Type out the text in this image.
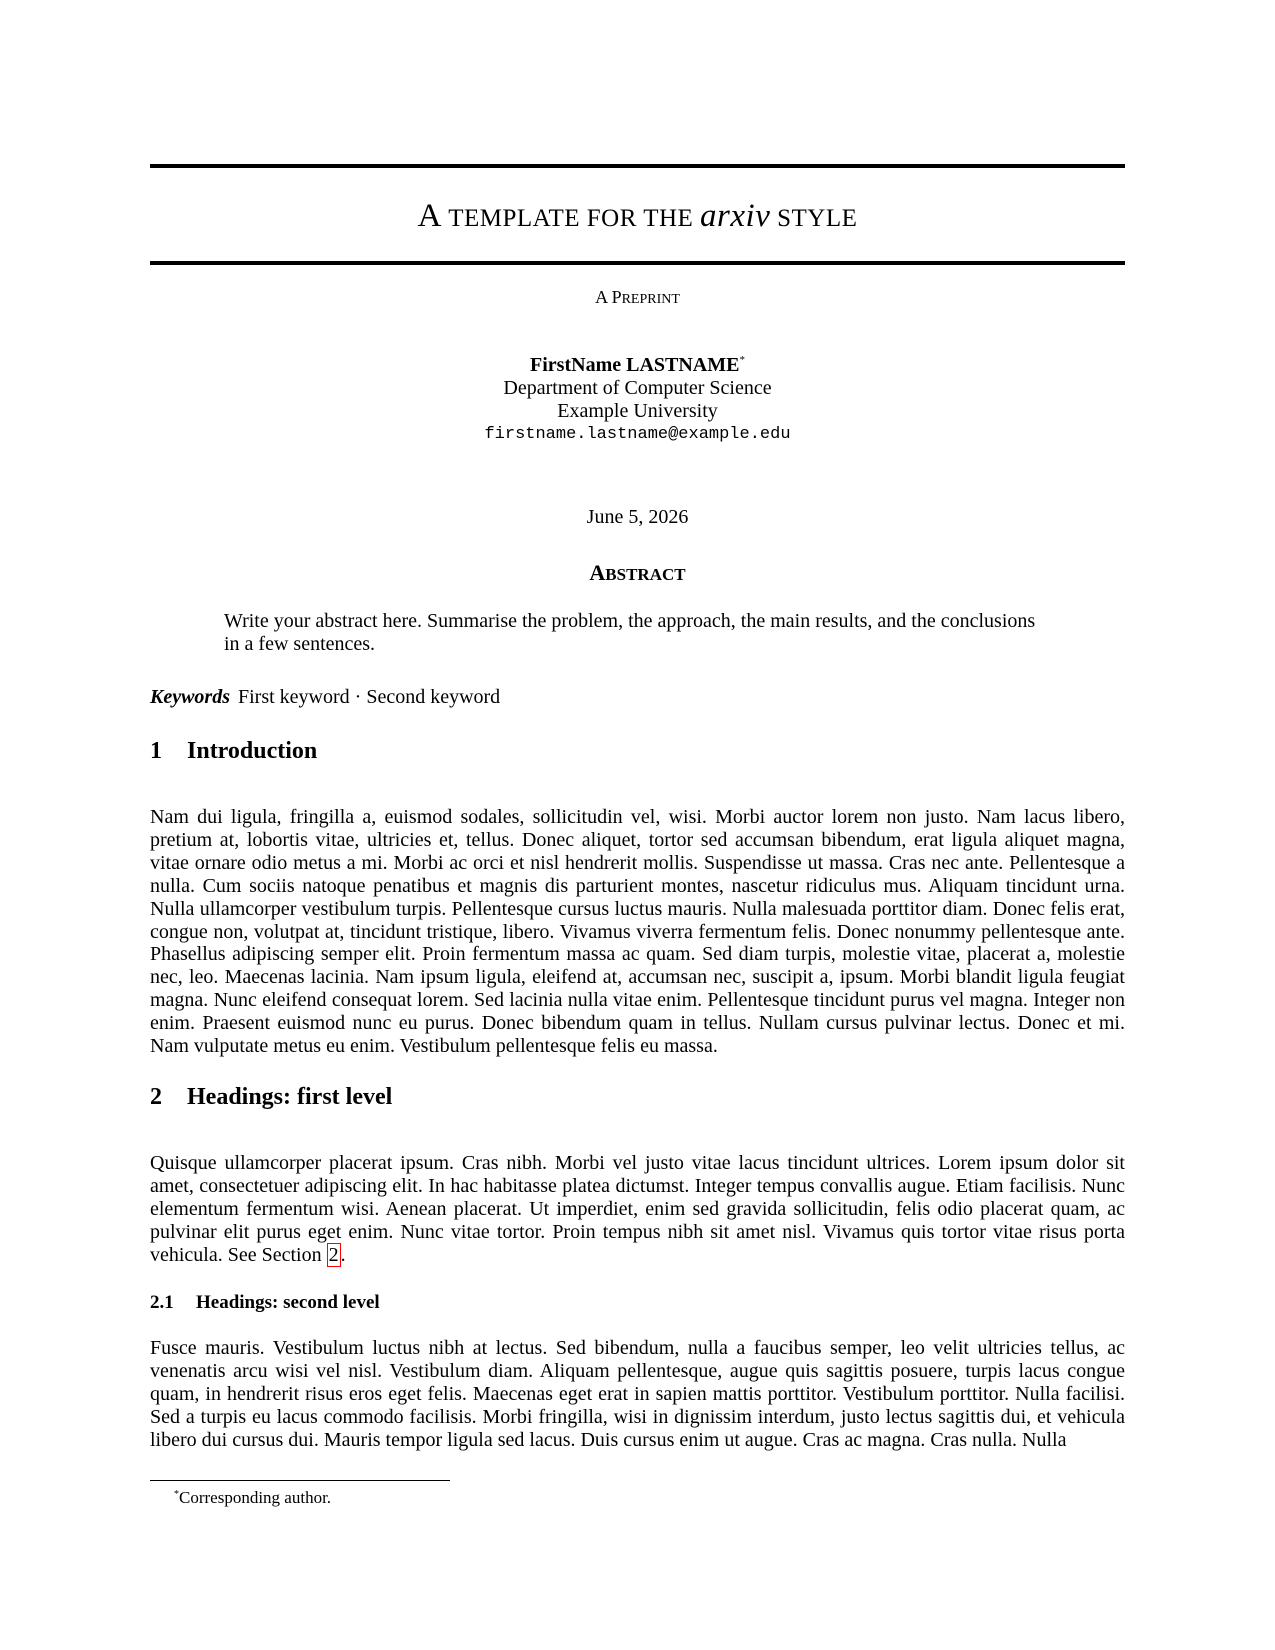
A TEMPLATE FOR THE arxiv STYLE
A PREPRINT
FirstName LASTNAME*
Department of Computer Science
Example University
firstname.lastname@example.edu
June 5, 2026
ABSTRACT
Write your abstract here. Summarise the problem, the approach, the main results, and the conclusions in a few sentences.
Keywords First keyword · Second keyword
1 Introduction
Nam dui ligula, fringilla a, euismod sodales, sollicitudin vel, wisi. Morbi auctor lorem non justo. Nam lacus libero, pretium at, lobortis vitae, ultricies et, tellus. Donec aliquet, tortor sed accumsan bibendum, erat ligula aliquet magna, vitae ornare odio metus a mi. Morbi ac orci et nisl hendrerit mollis. Suspendisse ut massa. Cras nec ante. Pellentesque a nulla. Cum sociis natoque penatibus et magnis dis parturient montes, nascetur ridiculus mus. Aliquam tincidunt urna. Nulla ullamcorper vestibulum turpis. Pellentesque cursus luctus mauris. Nulla malesuada porttitor diam. Donec felis erat, congue non, volutpat at, tincidunt tristique, libero. Vivamus viverra fermentum felis. Donec nonummy pellentesque ante. Phasellus adipiscing semper elit. Proin fermentum massa ac quam. Sed diam turpis, molestie vitae, placerat a, molestie nec, leo. Maecenas lacinia. Nam ipsum ligula, eleifend at, accumsan nec, suscipit a, ipsum. Morbi blandit ligula feugiat magna. Nunc eleifend consequat lorem. Sed lacinia nulla vitae enim. Pellentesque tincidunt purus vel magna. Integer non enim. Praesent euismod nunc eu purus. Donec bibendum quam in tellus. Nullam cursus pulvinar lectus. Donec et mi. Nam vulputate metus eu enim. Vestibulum pellentesque felis eu massa.
2 Headings: first level
Quisque ullamcorper placerat ipsum. Cras nibh. Morbi vel justo vitae lacus tincidunt ultrices. Lorem ipsum dolor sit amet, consectetuer adipiscing elit. In hac habitasse platea dictumst. Integer tempus convallis augue. Etiam facilisis. Nunc elementum fermentum wisi. Aenean placerat. Ut imperdiet, enim sed gravida sollicitudin, felis odio placerat quam, ac pulvinar elit purus eget enim. Nunc vitae tortor. Proin tempus nibh sit amet nisl. Vivamus quis tortor vitae risus porta vehicula. See Section 2 .
2.1 Headings: second level
Fusce mauris. Vestibulum luctus nibh at lectus. Sed bibendum, nulla a faucibus semper, leo velit ultricies tellus, ac venenatis arcu wisi vel nisl. Vestibulum diam. Aliquam pellentesque, augue quis sagittis posuere, turpis lacus congue quam, in hendrerit risus eros eget felis. Maecenas eget erat in sapien mattis porttitor. Vestibulum porttitor. Nulla facilisi. Sed a turpis eu lacus commodo facilisis. Morbi fringilla, wisi in dignissim interdum, justo lectus sagittis dui, et vehicula libero dui cursus dui. Mauris tempor ligula sed lacus. Duis cursus enim ut augue. Cras ac magna. Cras nulla. Nulla
*Corresponding author.
